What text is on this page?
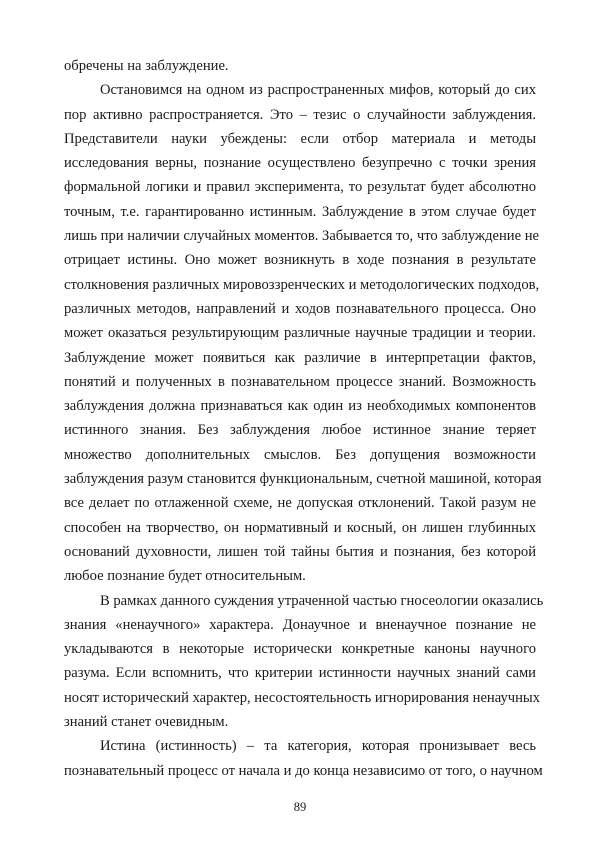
обречены на заблуждение.
Остановимся на одном из распространенных мифов, который до сих
пор активно распространяется. Это – тезис о случайности заблуждения.
Представители науки убеждены: если отбор материала и методы
исследования верны, познание осуществлено безупречно с точки зрения
формальной логики и правил эксперимента, то результат будет абсолютно
точным, т.е. гарантированно истинным. Заблуждение в этом случае будет
лишь при наличии случайных моментов. Забывается то, что заблуждение не
отрицает истины. Оно может возникнуть в ходе познания в результате
столкновения различных мировоззренческих и методологических подходов,
различных методов, направлений и ходов познавательного процесса. Оно
может оказаться результирующим различные научные традиции и теории.
Заблуждение может появиться как различие в интерпретации фактов,
понятий и полученных в познавательном процессе знаний. Возможность
заблуждения должна признаваться как один из необходимых компонентов
истинного знания. Без заблуждения любое истинное знание теряет
множество дополнительных смыслов. Без допущения возможности
заблуждения разум становится функциональным, счетной машиной, которая
все делает по отлаженной схеме, не допуская отклонений. Такой разум не
способен на творчество, он нормативный и косный, он лишен глубинных
оснований духовности, лишен той тайны бытия и познания, без которой
любое познание будет относительным.
В рамках данного суждения утраченной частью гносеологии оказались
знания «ненаучного» характера. Донаучное и вненаучное познание не
укладываются в некоторые исторически конкретные каноны научного
разума. Если вспомнить, что критерии истинности научных знаний сами
носят исторический характер, несостоятельность игнорирования ненаучных
знаний станет очевидным.
Истина (истинность) – та категория, которая пронизывает весь
познавательный процесс от начала и до конца независимо от того, о научном
89
